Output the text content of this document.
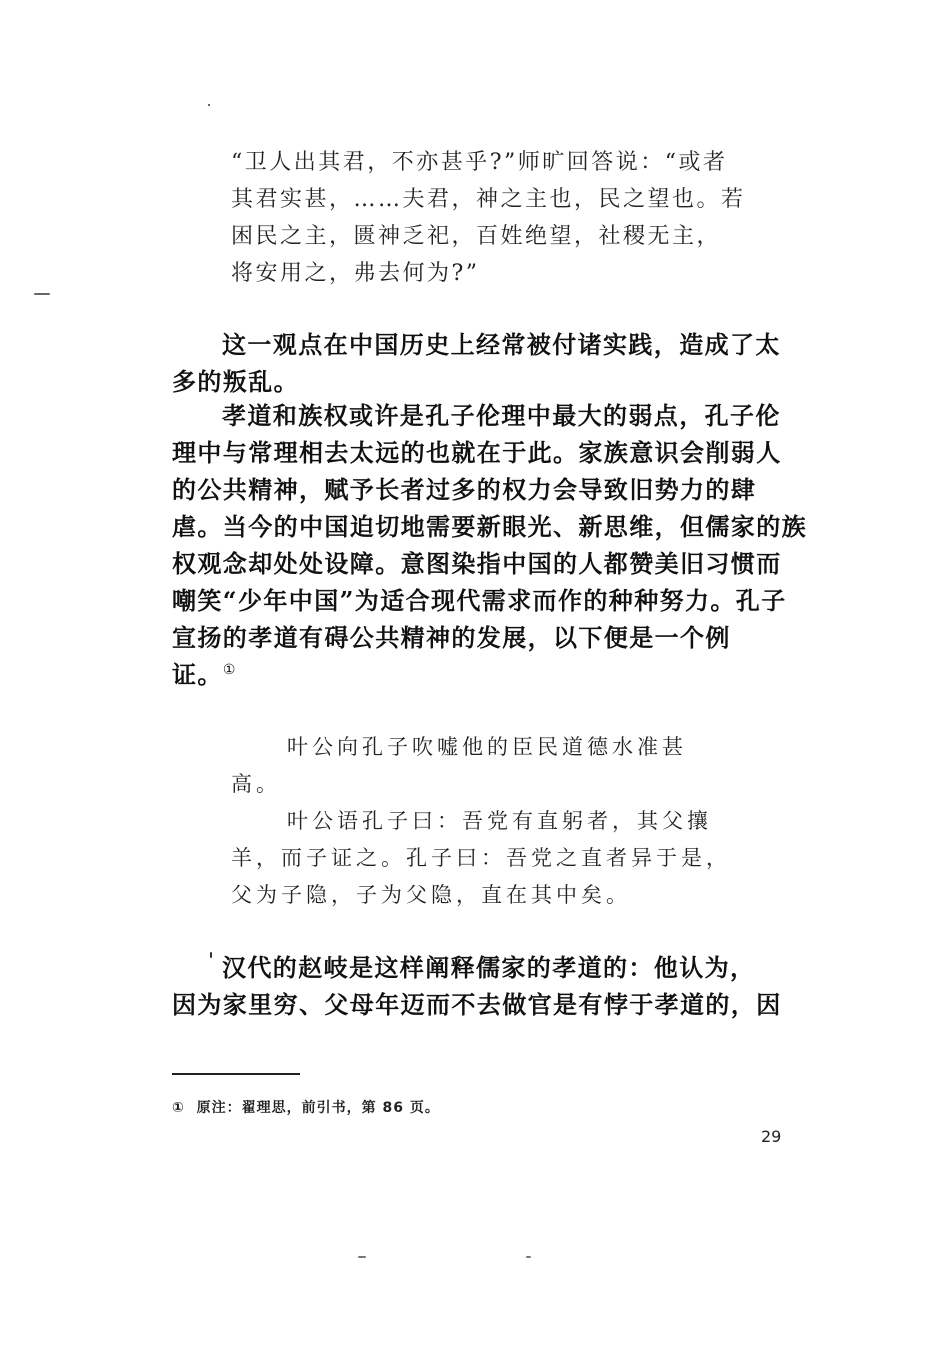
“卫人出其君，不亦甚乎?”师旷回答说：“或者
其君实甚，……夫君，神之主也，民之望也。若
困民之主，匮神乏祀，百姓绝望，社稷无主，
将安用之，弗去何为?”
这一观点在中国历史上经常被付诸实践，造成了太
多的叛乱。
孝道和族权或许是孔子伦理中最大的弱点，孔子伦
理中与常理相去太远的也就在于此。家族意识会削弱人
的公共精神，赋予长者过多的权力会导致旧势力的肆
虐。当今的中国迫切地需要新眼光、新思维，但儒家的族
权观念却处处设障。意图染指中国的人都赞美旧习惯而
嘲笑“少年中国”为适合现代需求而作的种种努力。孔子
宣扬的孝道有碍公共精神的发展，以下便是一个例
证。①
叶公向孔子吹嘘他的臣民道德水准甚
高。
叶公语孔子曰：吾党有直躬者，其父攘
羊，而子证之。孔子曰：吾党之直者异于是，
父为子隐，子为父隐，直在其中矣。
汉代的赵岐是这样阐释儒家的孝道的：他认为，
因为家里穷、父母年迈而不去做官是有悖于孝道的，因
①  原注：翟理思，前引书，第 86 页。
29
